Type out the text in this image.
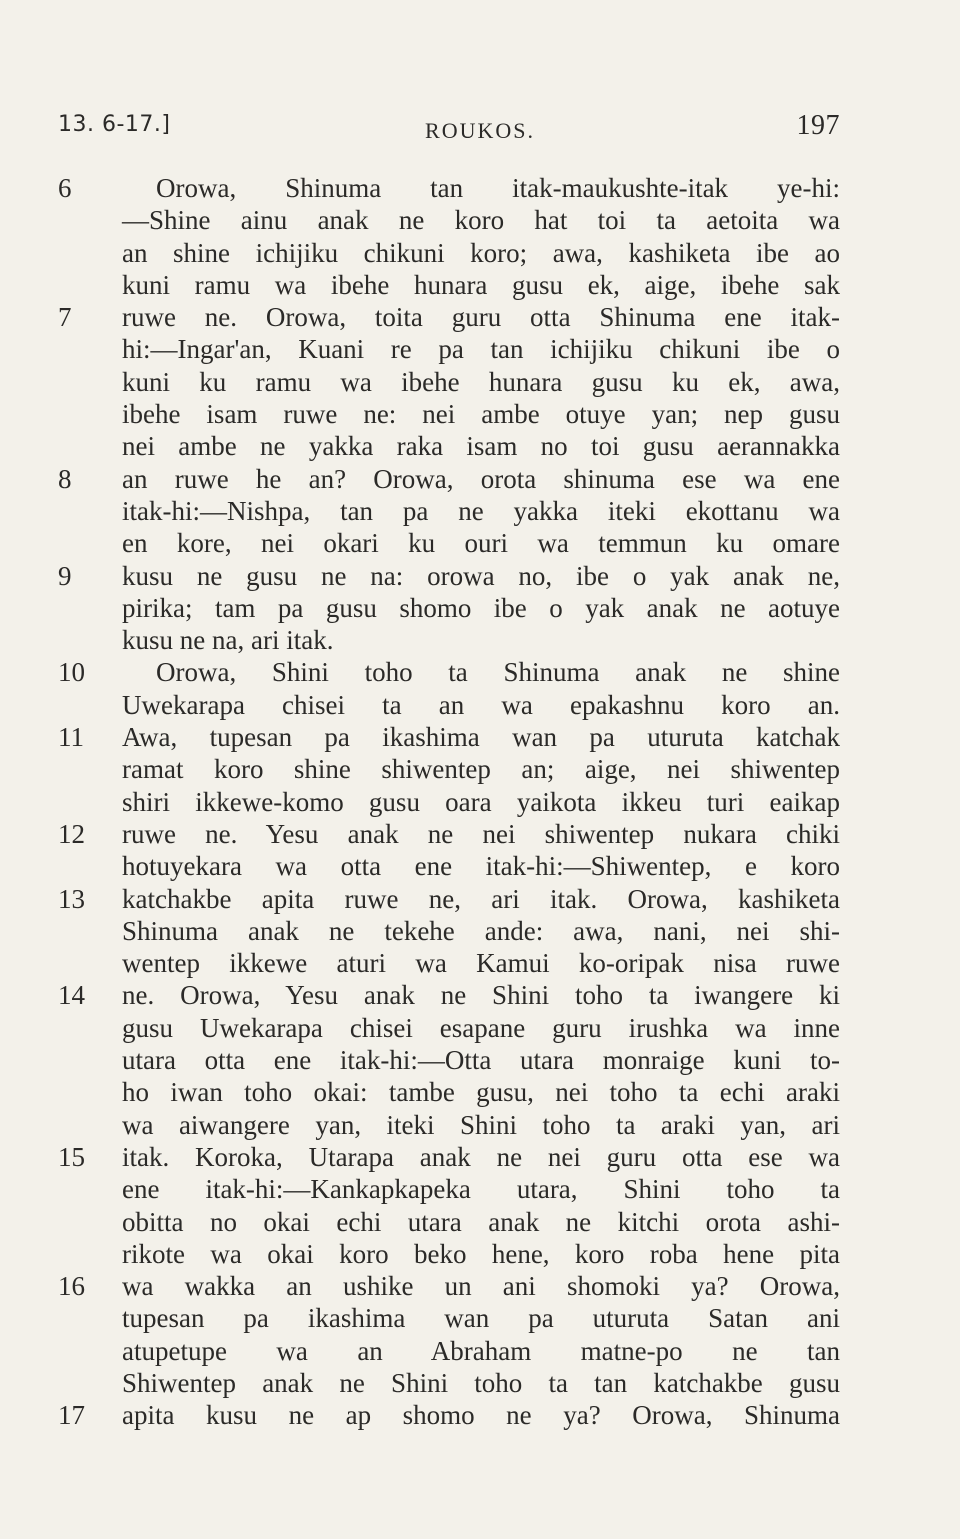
13. 6-17.]	ROUKOS.	197
6	Orowa, Shinuma tan itak-maukushte-itak ye-hi:
—Shine ainu anak ne koro hat toi ta aetoita wa
an shine ichijiku chikuni koro; awa, kashiketa ibe ao
kuni ramu wa ibehe hunara gusu ek, aige, ibehe sak
7	ruwe ne. Orowa, toita guru otta Shinuma ene itak-
hi:—Ingar'an, Kuani re pa tan ichijiku chikuni ibe o
kuni ku ramu wa ibehe hunara gusu ku ek, awa,
ibehe isam ruwe ne: nei ambe otuye yan; nep gusu
nei ambe ne yakka raka isam no toi gusu aerannakka
8	an ruwe he an? Orowa, orota shinuma ese wa ene
itak-hi:—Nishpa, tan pa ne yakka iteki ekottanu wa
en kore, nei okari ku ouri wa temmun ku omare
9	kusu ne gusu ne na: orowa no, ibe o yak anak ne,
pirika; tam pa gusu shomo ibe o yak anak ne aotuye
kusu ne na, ari itak.
10	Orowa, Shini toho ta Shinuma anak ne shine
Uwekarapa chisei ta an wa epakashnu koro an.
11	Awa, tupesan pa ikashima wan pa uturuta katchak
ramat koro shine shiwentep an; aige, nei shiwentep
shiri ikkewe-komo gusu oara yaikota ikkeu turi eaikap
12	ruwe ne. Yesu anak ne nei shiwentep nukara chiki
hotuyekara wa otta ene itak-hi:—Shiwentep, e koro
13	katchakbe apita ruwe ne, ari itak. Orowa, kashiketa
Shinuma anak ne tekehe ande: awa, nani, nei shi-
wentep ikkewe aturi wa Kamui ko-oripak nisa ruwe
14	ne. Orowa, Yesu anak ne Shini toho ta iwangere ki
gusu Uwekarapa chisei esapane guru irushka wa inne
utara otta ene itak-hi:—Otta utara monraige kuni to-
ho iwan toho okai: tambe gusu, nei toho ta echi araki
wa aiwangere yan, iteki Shini toho ta araki yan, ari
15	itak. Koroka, Utarapa anak ne nei guru otta ese wa
ene itak-hi:—Kankapkapeka utara, Shini toho ta
obitta no okai echi utara anak ne kitchi orota ashi-
rikote wa okai koro beko hene, koro roba hene pita
16	wa wakka an ushike un ani shomoki ya? Orowa,
tupesan pa ikashima wan pa uturuta Satan ani
atupetupe wa an Abraham matne-po ne tan
Shiwentep anak ne Shini toho ta tan katchakbe gusu
17	apita kusu ne ap shomo ne ya? Orowa, Shinuma
